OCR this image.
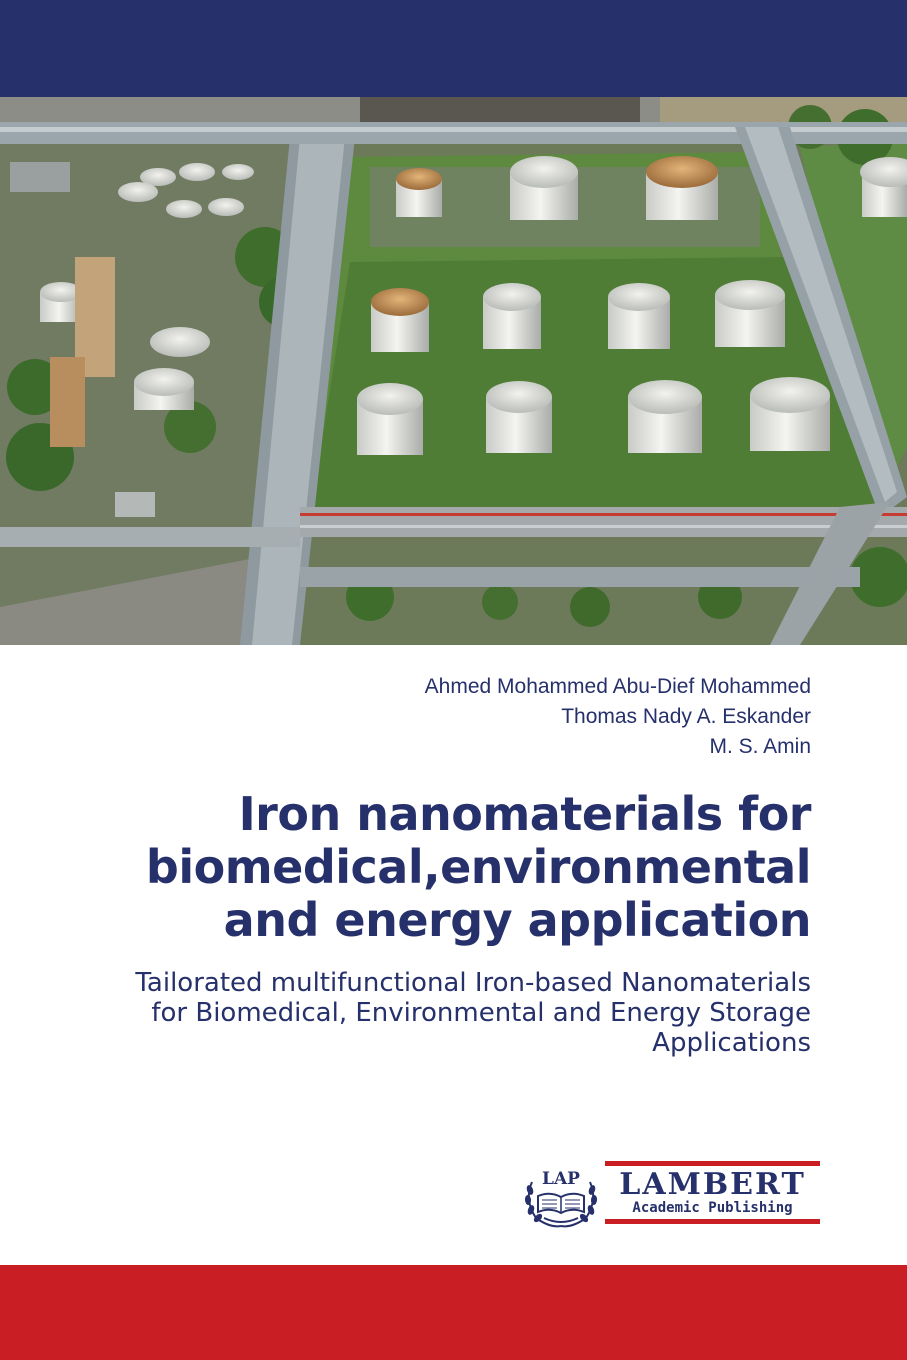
Ahmed Mohammed Abu-Dief Mohammed
Thomas Nady A. Eskander
M. S. Amin
Iron nanomaterials for
biomedical,environmental
and energy application
Tailorated multifunctional Iron-based Nanomaterials
for Biomedical, Environmental and Energy Storage
Applications
LAP	LAMBERT
Academic Publishing
